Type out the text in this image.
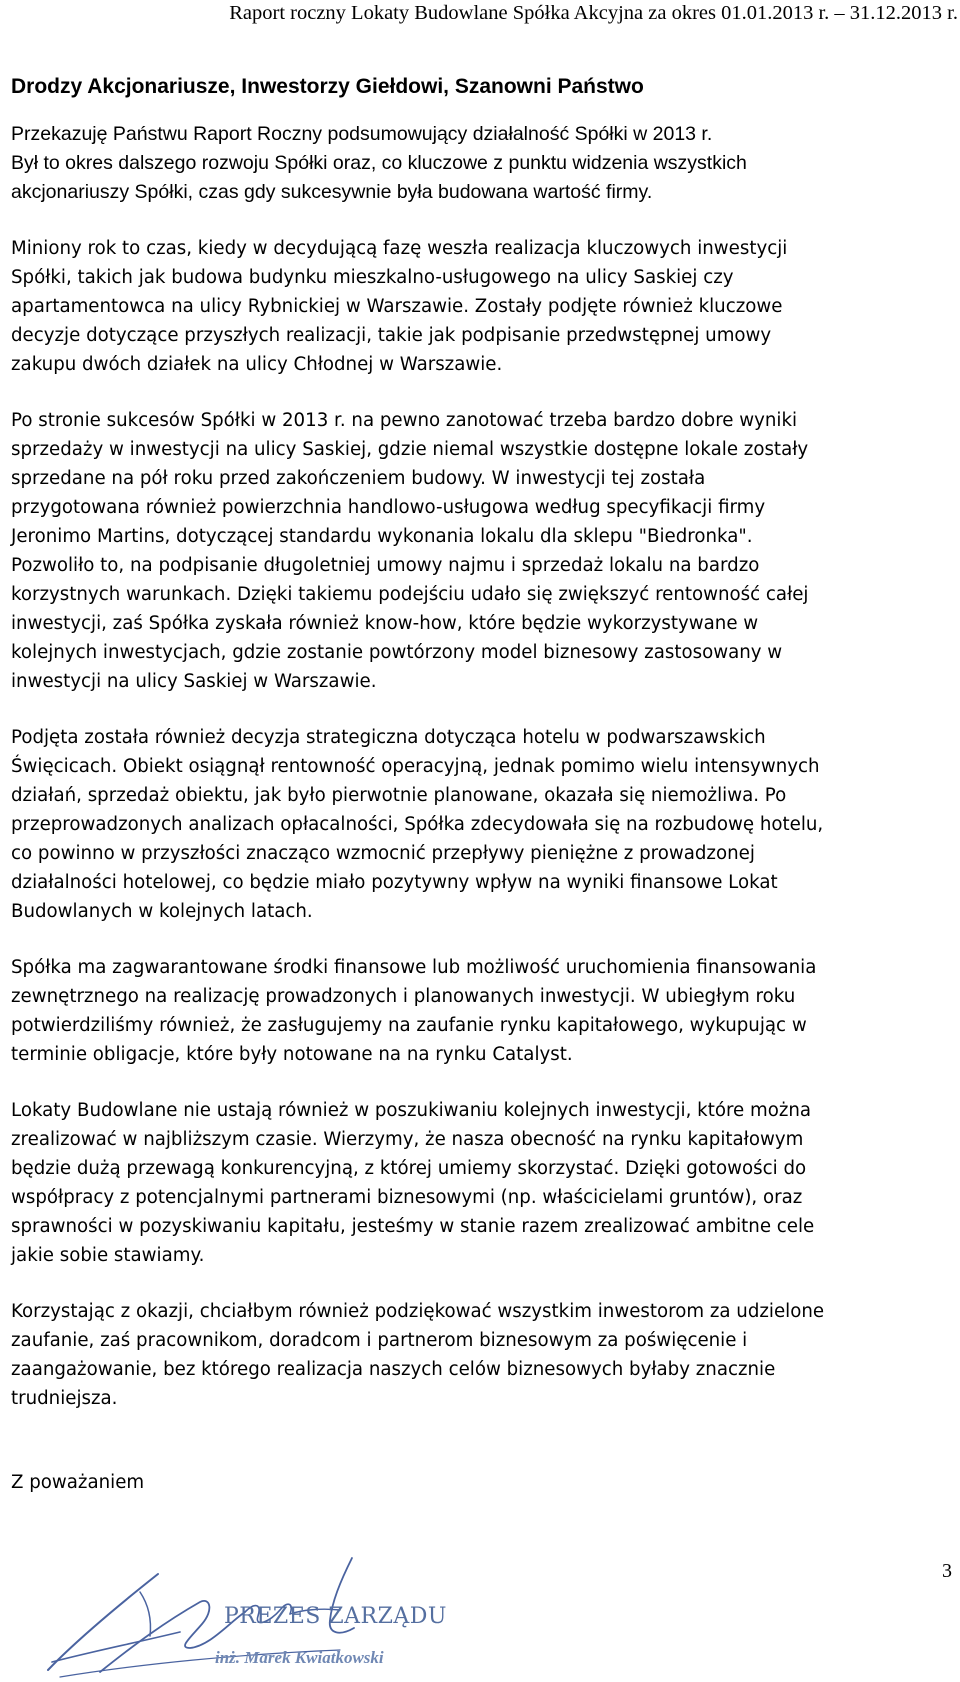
Raport roczny Lokaty Budowlane Spółka Akcyjna za okres 01.01.2013 r. – 31.12.2013 r.
Drodzy Akcjonariusze, Inwestorzy Giełdowi, Szanowni Państwo
Przekazuję Państwu Raport Roczny podsumowujący działalność Spółki w 2013 r.
Był to okres dalszego rozwoju Spółki oraz, co kluczowe z punktu widzenia wszystkich
akcjonariuszy Spółki, czas gdy sukcesywnie była budowana wartość firmy.
Miniony rok to czas, kiedy w decydującą fazę weszła realizacja kluczowych inwestycji
Spółki, takich jak budowa budynku mieszkalno-usługowego na ulicy Saskiej czy
apartamentowca na ulicy Rybnickiej w Warszawie. Zostały podjęte również kluczowe
decyzje dotyczące przyszłych realizacji, takie jak podpisanie przedwstępnej umowy
zakupu dwóch działek na ulicy Chłodnej w Warszawie.
Po stronie sukcesów Spółki w 2013 r. na pewno zanotować trzeba bardzo dobre wyniki
sprzedaży w inwestycji na ulicy Saskiej, gdzie niemal wszystkie dostępne lokale zostały
sprzedane na pół roku przed zakończeniem budowy. W inwestycji tej została
przygotowana również powierzchnia handlowo-usługowa według specyfikacji firmy
Jeronimo Martins, dotyczącej standardu wykonania lokalu dla sklepu "Biedronka".
Pozwoliło to, na podpisanie długoletniej umowy najmu i sprzedaż lokalu na bardzo
korzystnych warunkach. Dzięki takiemu podejściu udało się zwiększyć rentowność całej
inwestycji, zaś Spółka zyskała również know-how, które będzie wykorzystywane w
kolejnych inwestycjach, gdzie zostanie powtórzony model biznesowy zastosowany w
inwestycji na ulicy Saskiej w Warszawie.
Podjęta została również decyzja strategiczna dotycząca hotelu w podwarszawskich
Święcicach. Obiekt osiągnął rentowność operacyjną, jednak pomimo wielu intensywnych
działań, sprzedaż obiektu, jak było pierwotnie planowane, okazała się niemożliwa. Po
przeprowadzonych analizach opłacalności, Spółka zdecydowała się na rozbudowę hotelu,
co powinno w przyszłości znacząco wzmocnić przepływy pieniężne z prowadzonej
działalności hotelowej, co będzie miało pozytywny wpływ na wyniki finansowe Lokat
Budowlanych w kolejnych latach.
Spółka ma zagwarantowane środki finansowe lub możliwość uruchomienia finansowania
zewnętrznego na realizację prowadzonych i planowanych inwestycji. W ubiegłym roku
potwierdziliśmy również, że zasługujemy na zaufanie rynku kapitałowego, wykupując w
terminie obligacje, które były notowane na na rynku Catalyst.
Lokaty Budowlane nie ustają również w poszukiwaniu kolejnych inwestycji, które można
zrealizować w najbliższym czasie. Wierzymy, że nasza obecność na rynku kapitałowym
będzie dużą przewagą konkurencyjną, z której umiemy skorzystać. Dzięki gotowości do
współpracy z potencjalnymi partnerami biznesowymi (np. właścicielami gruntów), oraz
sprawności w pozyskiwaniu kapitału, jesteśmy w stanie razem zrealizować ambitne cele
jakie sobie stawiamy.
Korzystając z okazji, chciałbym również podziękować wszystkim inwestorom za udzielone
zaufanie, zaś pracownikom, doradcom i partnerom biznesowym za poświęcenie i
zaangażowanie, bez którego realizacja naszych celów biznesowych byłaby znacznie
trudniejsza.
Z poważaniem
PREZES ZARZĄDU
inż. Marek Kwiatkowski
3
